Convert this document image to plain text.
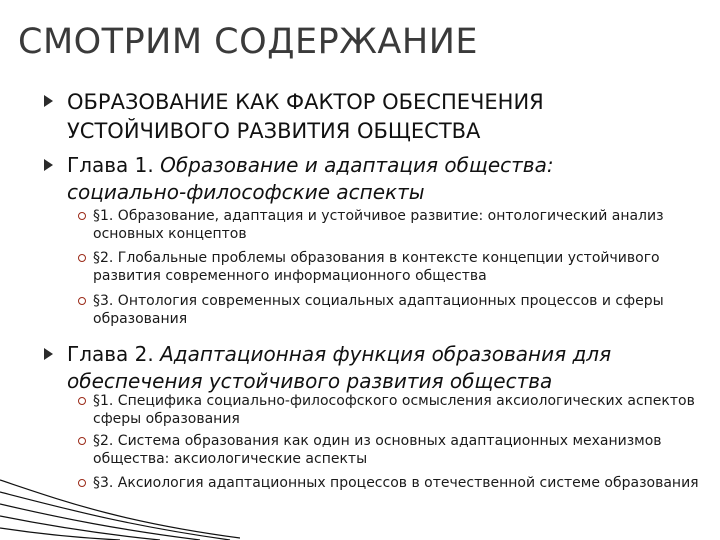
СМОТРИМ СОДЕРЖАНИЕ
ОБРАЗОВАНИЕ КАК ФАКТОР ОБЕСПЕЧЕНИЯ УСТОЙЧИВОГО РАЗВИТИЯ ОБЩЕСТВА
Глава 1. Образование и адаптация общества: социально-философские аспекты
§1. Образование, адаптация и устойчивое развитие: онтологический анализ основных концептов
§2. Глобальные проблемы образования в контексте концепции устойчивого развития современного информационного общества
§3. Онтология современных социальных адаптационных процессов и сферы образования
Глава 2. Адаптационная функция образования для обеспечения устойчивого развития общества
§1. Специфика социально-философского осмысления аксиологических аспектов сферы образования
§2. Система образования как один из основных адаптационных механизмов общества: аксиологические аспекты
§3. Аксиология адаптационных процессов в отечественной системе образования
